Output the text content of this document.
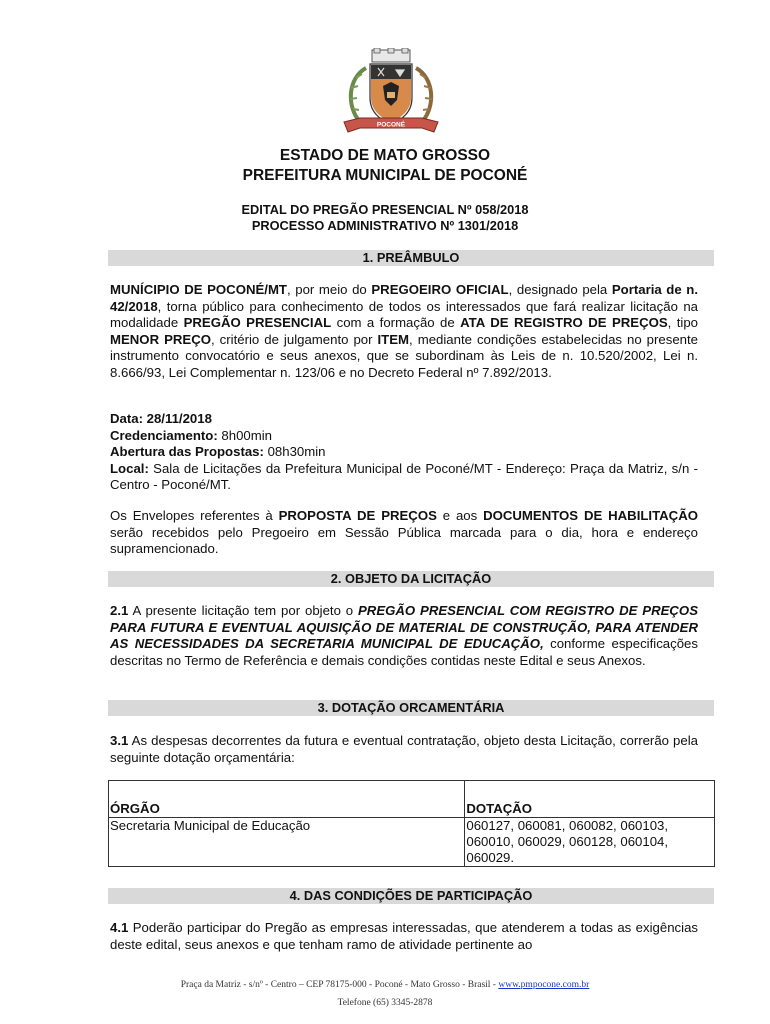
POCONÉ
ESTADO DE MATO GROSSO
PREFEITURA MUNICIPAL DE POCONÉ
EDITAL DO PREGÃO PRESENCIAL Nº 058/2018
PROCESSO ADMINISTRATIVO Nº 1301/2018
1. PREÂMBULO
MUNÍCIPIO DE POCONÉ/MT, por meio do PREGOEIRO OFICIAL, designado pela Portaria de n. 42/2018, torna público para conhecimento de todos os interessados que fará realizar licitação na modalidade PREGÃO PRESENCIAL com a formação de ATA DE REGISTRO DE PREÇOS, tipo MENOR PREÇO, critério de julgamento por ITEM, mediante condições estabelecidas no presente instrumento convocatório e seus anexos, que se subordinam às Leis de n. 10.520/2002, Lei n. 8.666/93, Lei Complementar n. 123/06 e no Decreto Federal nº 7.892/2013.
Data: 28/11/2018
Credenciamento: 8h00min
Abertura das Propostas: 08h30min
Local: Sala de Licitações da Prefeitura Municipal de Poconé/MT - Endereço: Praça da Matriz, s/n - Centro - Poconé/MT.
Os Envelopes referentes à PROPOSTA DE PREÇOS e aos DOCUMENTOS DE HABILITAÇÃO serão recebidos pelo Pregoeiro em Sessão Pública marcada para o dia, hora e endereço supramencionado.
2. OBJETO DA LICITAÇÃO
2.1 A presente licitação tem por objeto o PREGÃO PRESENCIAL COM REGISTRO DE PREÇOS PARA FUTURA E EVENTUAL AQUISIÇÃO DE MATERIAL DE CONSTRUÇÃO, PARA ATENDER AS NECESSIDADES DA SECRETARIA MUNICIPAL DE EDUCAÇÃO, conforme especificações descritas no Termo de Referência e demais condições contidas neste Edital e seus Anexos.
3. DOTAÇÃO ORCAMENTÁRIA
3.1 As despesas decorrentes da futura e eventual contratação, objeto desta Licitação, correrão pela seguinte dotação orçamentária:
ÓRGÃO	DOTAÇÃO
Secretaria Municipal de Educação	060127, 060081, 060082, 060103,
060010, 060029, 060128, 060104,
060029.
4. DAS CONDIÇÕES DE PARTICIPAÇÃO
4.1 Poderão participar do Pregão as empresas interessadas, que atenderem a todas as exigências deste edital, seus anexos e que tenham ramo de atividade pertinente ao
Praça da Matriz - s/nº - Centro – CEP 78175-000 - Poconé - Mato Grosso - Brasil - www.pmpocone.com.br
Telefone (65) 3345-2878
